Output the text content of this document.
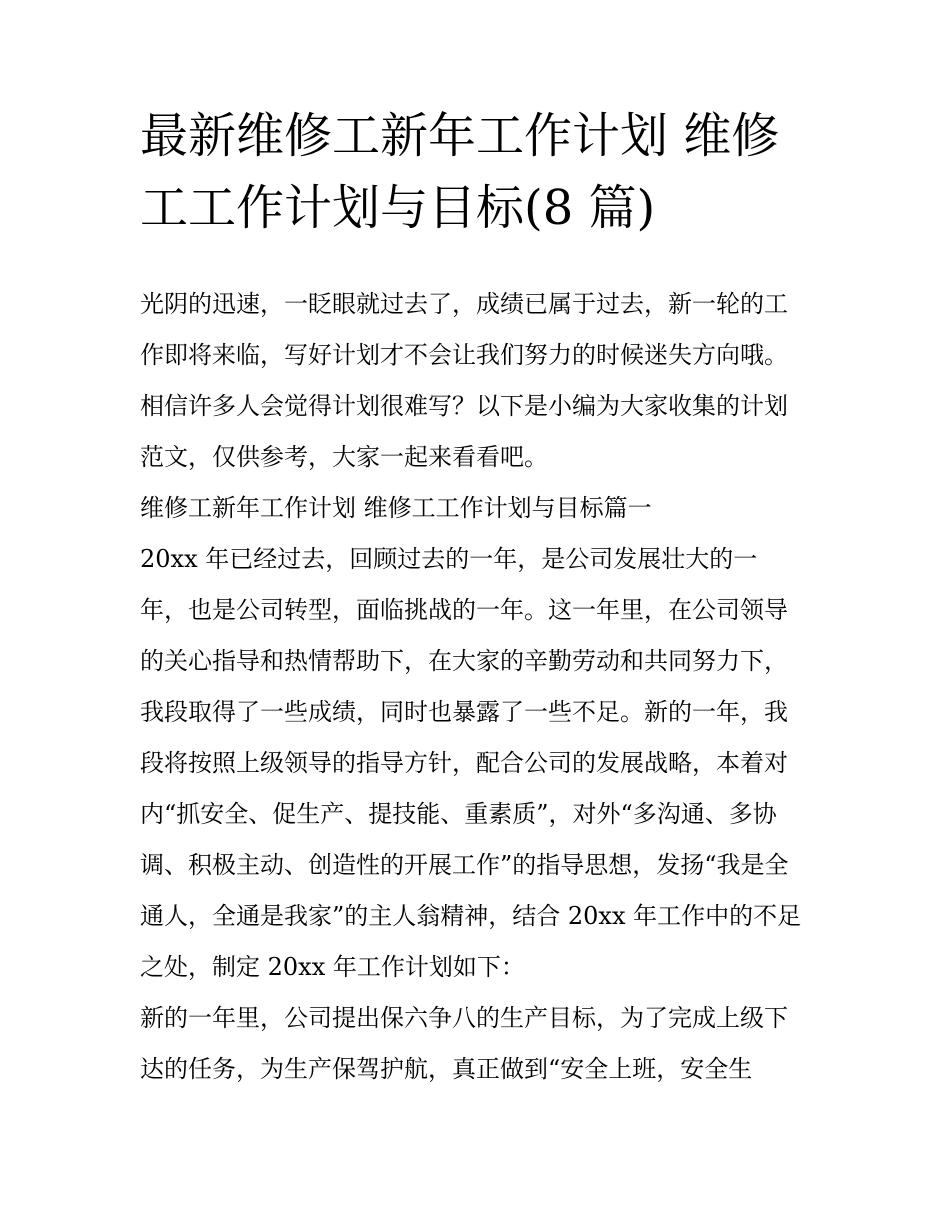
最新维修工新年工作计划 维修

工工作计划与目标(8 篇)

光阴的迅速，一眨眼就过去了，成绩已属于过去，新一轮的工

作即将来临，写好计划才不会让我们努力的时候迷失方向哦。

相信许多人会觉得计划很难写？以下是小编为大家收集的计划

范文，仅供参考，大家一起来看看吧。

维修工新年工作计划 维修工工作计划与目标篇一

20xx 年已经过去，回顾过去的一年，是公司发展壮大的一

年，也是公司转型，面临挑战的一年。这一年里，在公司领导

的关心指导和热情帮助下，在大家的辛勤劳动和共同努力下，

我段取得了一些成绩，同时也暴露了一些不足。新的一年，我

段将按照上级领导的指导方针，配合公司的发展战略，本着对

内“抓安全、促生产、提技能、重素质”，对外“多沟通、多协

调、积极主动、创造性的开展工作”的指导思想，发扬“我是全

通人，全通是我家”的主人翁精神，结合 20xx 年工作中的不足

之处，制定 20xx 年工作计划如下：

新的一年里，公司提出保六争八的生产目标，为了完成上级下

达的任务，为生产保驾护航，真正做到“安全上班，安全生
